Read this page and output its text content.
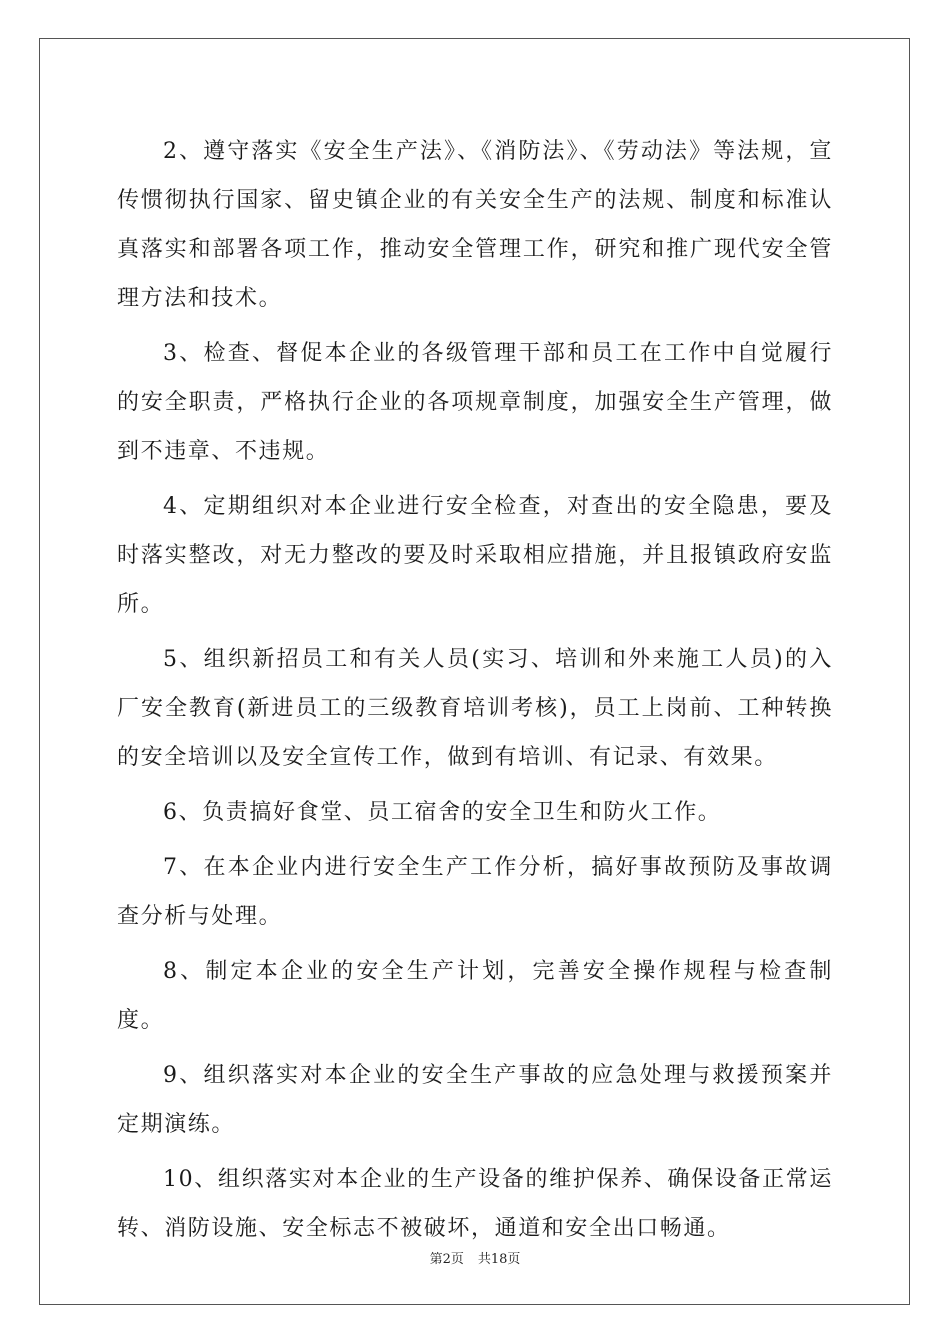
2、遵守落实《安全生产法》、《消防法》、《劳动法》等法规，宣传惯彻执行国家、留史镇企业的有关安全生产的法规、制度和标准认真落实和部署各项工作，推动安全管理工作，研究和推广现代安全管理方法和技术。

3、检查、督促本企业的各级管理干部和员工在工作中自觉履行的安全职责，严格执行企业的各项规章制度，加强安全生产管理，做到不违章、不违规。

4、定期组织对本企业进行安全检查，对查出的安全隐患，要及时落实整改，对无力整改的要及时采取相应措施，并且报镇政府安监所。

5、组织新招员工和有关人员(实习、培训和外来施工人员)的入厂安全教育(新进员工的三级教育培训考核)，员工上岗前、工种转换的安全培训以及安全宣传工作，做到有培训、有记录、有效果。

6、负责搞好食堂、员工宿舍的安全卫生和防火工作。

7、在本企业内进行安全生产工作分析，搞好事故预防及事故调查分析与处理。

8、制定本企业的安全生产计划，完善安全操作规程与检查制度。

9、组织落实对本企业的安全生产事故的应急处理与救援预案并定期演练。

10、组织落实对本企业的生产设备的维护保养、确保设备正常运转、消防设施、安全标志不被破坏，通道和安全出口畅通。

第2页 共18页
